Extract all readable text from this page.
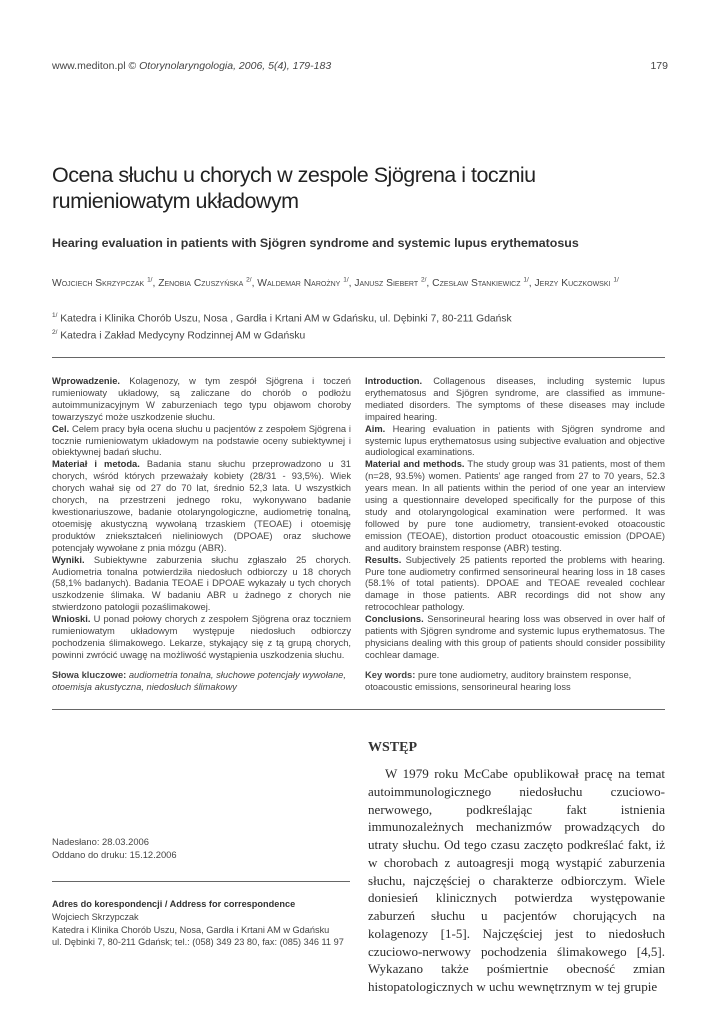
www.mediton.pl © Otorynolaryngologia, 2006, 5(4), 179-183	179
Ocena słuchu u chorych w zespole Sjögrena i toczniu
rumieniowatym układowym
Hearing evaluation in patients with Sjögren syndrome and systemic lupus erythematosus
Wojciech Skrzypczak $^{1/}$, Zenobia Czuszyńska $^{2/}$, Waldemar Narożny $^{1/}$, Janusz Siebert $^{2/}$, Czesław Stankiewicz $^{1/}$, Jerzy Kuczkowski $^{1/}$
$^{1/}$ Katedra i Klinika Chorób Uszu, Nosa , Gardła i Krtani AM w Gdańsku, ul. Dębinki 7, 80-211 Gdańsk
$^{2/}$ Katedra i Zakład Medycyny Rodzinnej AM w Gdańsku
Wprowadzenie. Kolagenozy, w tym zespół Sjögrena i toczeń rumieniowaty układowy, są zaliczane do chorób o podłożu autoimmunizacyjnym W zaburzeniach tego typu objawom choroby towarzyszyć może uszkodzenie słuchu.
Cel. Celem pracy była ocena słuchu u pacjentów z zespołem Sjögrena i tocznie rumieniowatym układowym na podstawie oceny subiektywnej i obiektywnej badań słuchu.
Materiał i metoda. Badania stanu słuchu przeprowadzono u 31 chorych, wśród których przeważały kobiety (28/31 - 93,5%). Wiek chorych wahał się od 27 do 70 lat, średnio 52,3 lata. U wszystkich chorych, na przestrzeni jednego roku, wykonywano badanie kwestionariuszowe, badanie otolaryngologiczne, audiometrię tonalną, otoemisję akustyczną wywołaną trzaskiem (TEOAE) i otoemisję produktów zniekształceń nieliniowych (DPOAE) oraz słuchowe potencjały wywołane z pnia mózgu (ABR).
Wyniki. Subiektywne zaburzenia słuchu zgłaszało 25 chorych. Audiometria tonalna potwierdziła niedosłuch odbiorczy u 18 chorych (58,1% badanych). Badania TEOAE i DPOAE wykazały u tych chorych uszkodzenie ślimaka. W badaniu ABR u żadnego z chorych nie stwierdzono patologii pozaślimakowej.
Wnioski. U ponad połowy chorych z zespołem Sjögrena oraz toczniem rumieniowatym układowym występuje niedosłuch odbiorczy pochodzenia ślimakowego. Lekarze, stykający się z tą grupą chorych, powinni zwrócić uwagę na możliwość wystąpienia uszkodzenia słuchu.
Słowa kluczowe: audiometria tonalna, słuchowe potencjały wywołane, otoemisja akustyczna, niedosłuch ślimakowy
Introduction. Collagenous diseases, including systemic lupus erythematosus and Sjögren syndrome, are classified as immune-mediated disorders. The symptoms of these diseases may include impaired hearing.
Aim. Hearing evaluation in patients with Sjögren syndrome and systemic lupus erythematosus using subjective evaluation and objective audiological examinations.
Material and methods. The study group was 31 patients, most of them (n=28, 93.5%) women. Patients' age ranged from 27 to 70 years, 52.3 years mean. In all patients within the period of one year an interview using a questionnaire developed specifically for the purpose of this study and otolaryngological examination were performed. It was followed by pure tone audiometry, transient-evoked otoacoustic emission (TEOAE), distortion product otoacoustic emission (DPOAE) and auditory brainstem response (ABR) testing.
Results. Subjectively 25 patients reported the problems with hearing. Pure tone audiometry confirmed sensorineural hearing loss in 18 cases (58.1% of total patients). DPOAE and TEOAE revealed cochlear damage in those patients. ABR recordings did not show any retrocochlear pathology.
Conclusions. Sensorineural hearing loss was observed in over half of patients with Sjögren syndrome and systemic lupus erythematosus. The physicians dealing with this group of patients should consider possibility cochlear damage.
Key words: pure tone audiometry, auditory brainstem response, otoacoustic emissions, sensorineural hearing loss
Nadesłano: 28.03.2006
Oddano do druku: 15.12.2006
Adres do korespondencji / Address for correspondence
Wojciech Skrzypczak
Katedra i Klinika Chorób Uszu, Nosa, Gardła i Krtani AM w Gdańsku
ul. Dębinki 7, 80-211 Gdańsk; tel.: (058) 349 23 80, fax: (085) 346 11 97
WSTĘP
W 1979 roku McCabe opublikował pracę na temat autoimmunologicznego niedosłuchu czuciowo-nerwowego, podkreślając fakt istnienia immunozależnych mechanizmów prowadzących do utraty słuchu. Od tego czasu zaczęto podkreślać fakt, iż w chorobach z autoagresji mogą wystąpić zaburzenia słuchu, najczęściej o charakterze odbiorczym. Wiele doniesień klinicznych potwierdza występowanie zaburzeń słuchu u pacjentów chorujących na kolagenozy [1-5]. Najczęściej jest to niedosłuch czuciowo-nerwowy pochodzenia ślimakowego [4,5]. Wykazano także pośmiertnie obecność zmian histopatologicznych w uchu wewnętrznym w tej grupie
